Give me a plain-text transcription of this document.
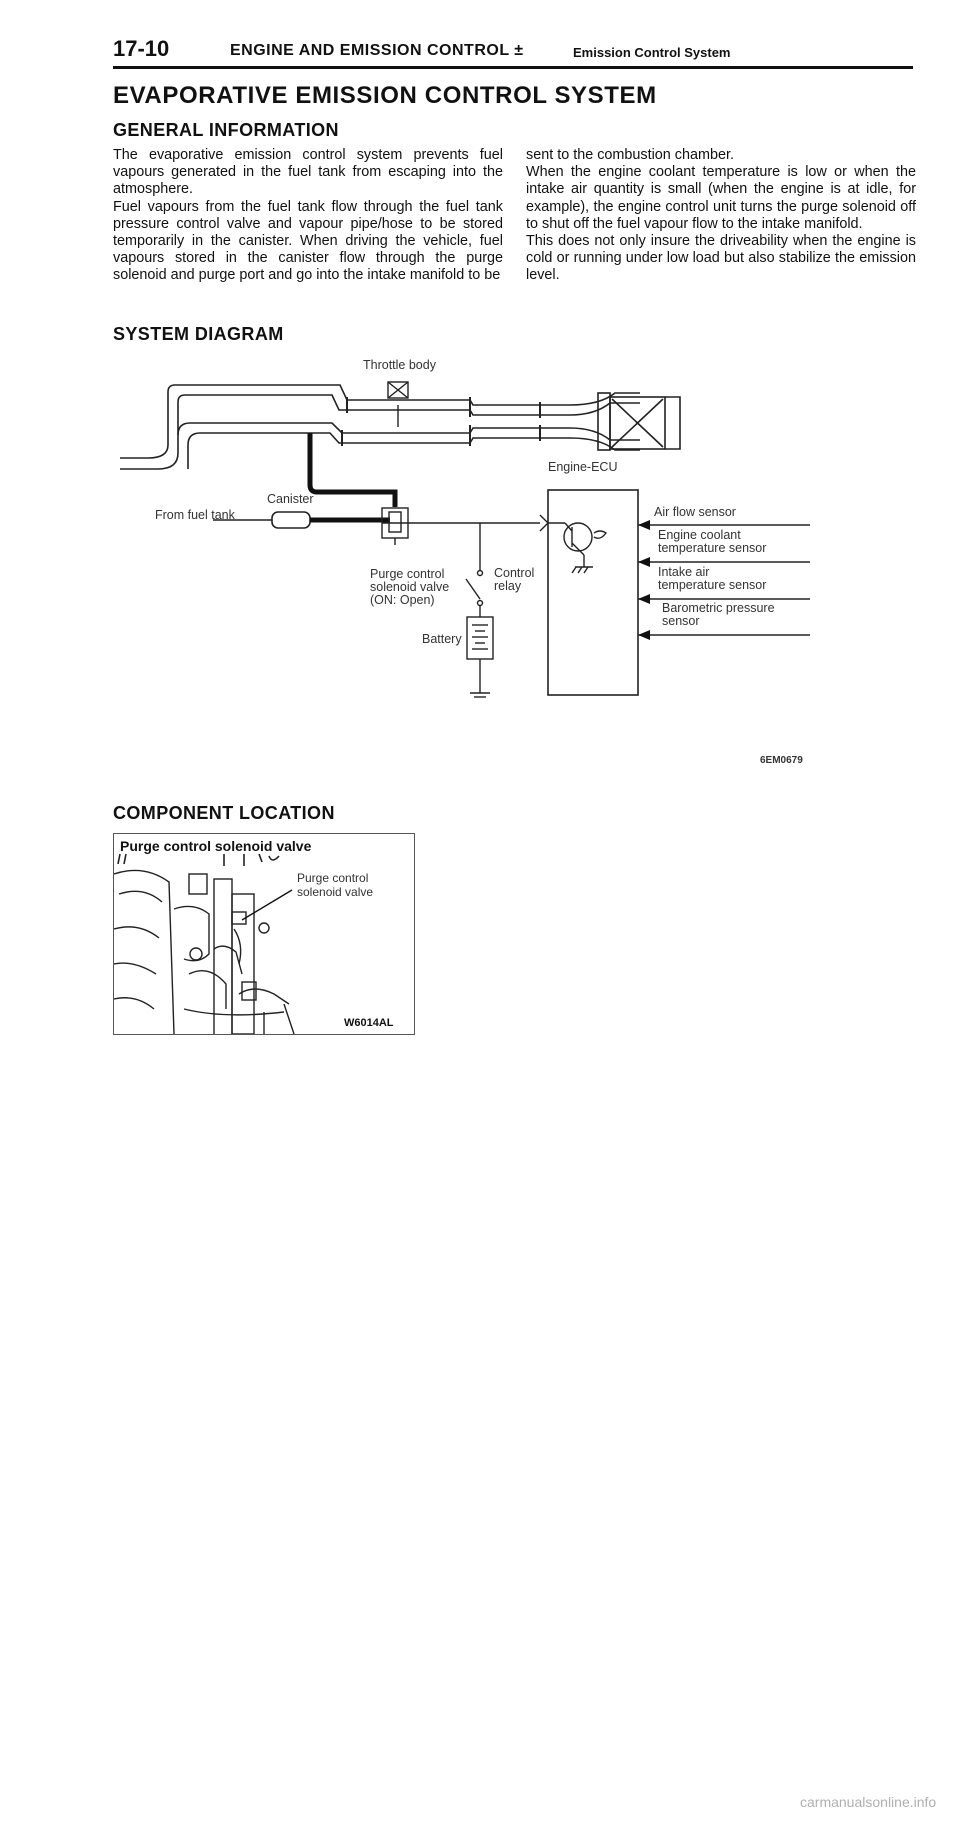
17-10	ENGINE AND EMISSION CONTROL ±	Emission Control System
EVAPORATIVE EMISSION CONTROL SYSTEM
GENERAL INFORMATION

The evaporative emission control system prevents fuel vapours generated in the fuel tank from escaping into the atmosphere.

Fuel vapours from the fuel tank flow through the fuel tank pressure control valve and vapour pipe/hose to be stored temporarily in the canister. When driving the vehicle, fuel vapours stored in the canister flow through the purge solenoid and purge port and go into the intake manifold to be

sent to the combustion chamber.

When the engine coolant temperature is low or when the intake air quantity is small (when the engine is at idle, for example), the engine control unit turns the purge solenoid off to shut off the fuel vapour flow to the intake manifold.

This does not only insure the driveability when the engine is cold or running under low load but also stabilize the emission level.

SYSTEM DIAGRAM
Throttle body
Engine-ECU
Canister
From fuel tank
Purge control
solenoid valve
(ON: Open)
Control
relay
Battery
Air flow sensor
Engine coolant
temperature sensor
Intake air
temperature sensor
Barometric pressure
sensor
6EM0679
COMPONENT LOCATION
Purge control solenoid valve
Purge control
solenoid valve
W6014AL
carmanualsonline.info
